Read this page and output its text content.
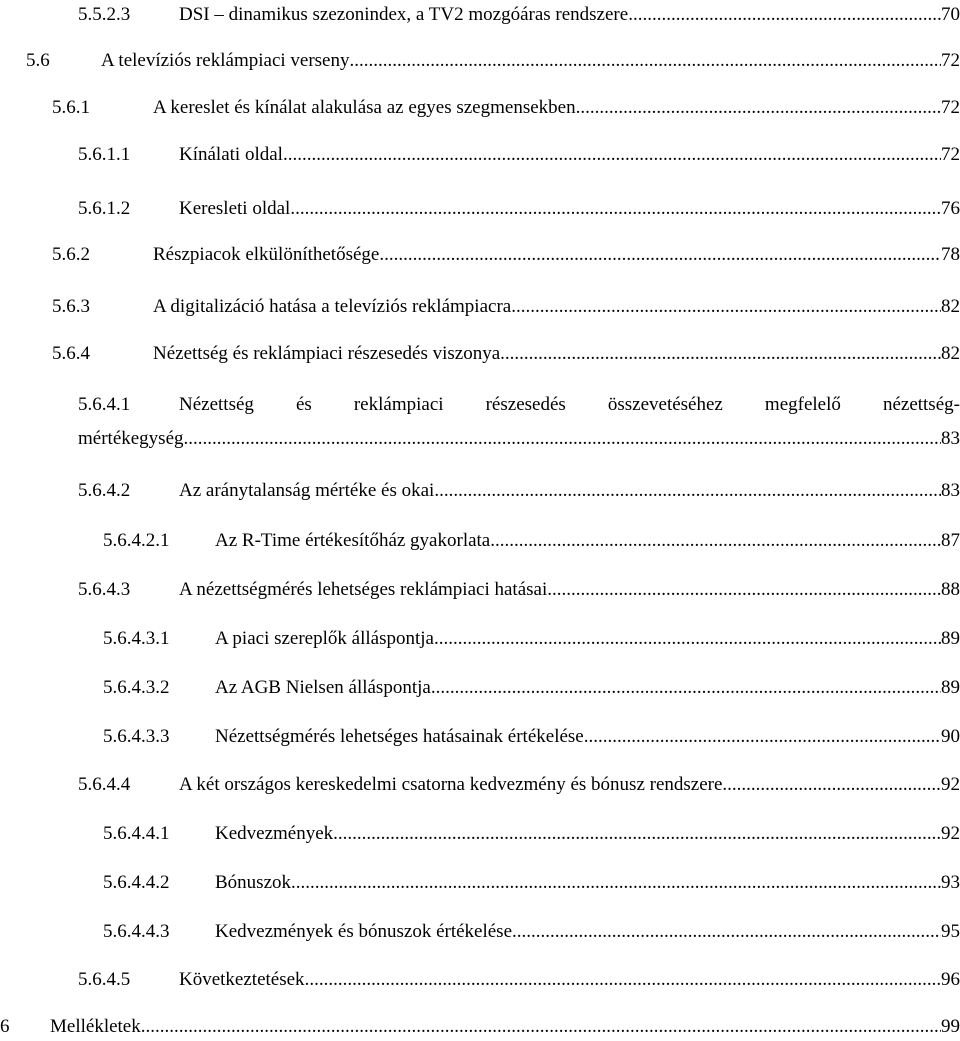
5.5.2.3	DSI – dinamikus szezonindex, a TV2 mozgóáras rendszere .....	70
5.6	A televíziós reklámpiaci verseny .....	72
5.6.1	A kereslet és kínálat alakulása az egyes szegmensekben .....	72
5.6.1.1	Kínálati oldal .....	72
5.6.1.2	Keresleti oldal .....	76
5.6.2	Részpiacok elkülöníthetősége .....	78
5.6.3	A digitalizáció hatása a televíziós reklámpiacra .....	82
5.6.4	Nézettség és reklámpiaci részesedés viszonya .....	82
5.6.4.1	Nézettség és reklámpiaci részesedés összevetéséhez megfelelő nézettség-
mértékegység .....	83
5.6.4.2	Az aránytalanság mértéke és okai .....	83
5.6.4.2.1	Az R-Time értékesítőház gyakorlata .....	87
5.6.4.3	A nézettségmérés lehetséges reklámpiaci hatásai .....	88
5.6.4.3.1	A piaci szereplők álláspontja .....	89
5.6.4.3.2	Az AGB Nielsen álláspontja .....	89
5.6.4.3.3	Nézettségmérés lehetséges hatásainak értékelése .....	90
5.6.4.4	A két országos kereskedelmi csatorna kedvezmény és bónusz rendszere .....	92
5.6.4.4.1	Kedvezmények .....	92
5.6.4.4.2	Bónuszok .....	93
5.6.4.4.3	Kedvezmények és bónuszok értékelése .....	95
5.6.4.5	Következtetések .....	96
6	Mellékletek .....	99
